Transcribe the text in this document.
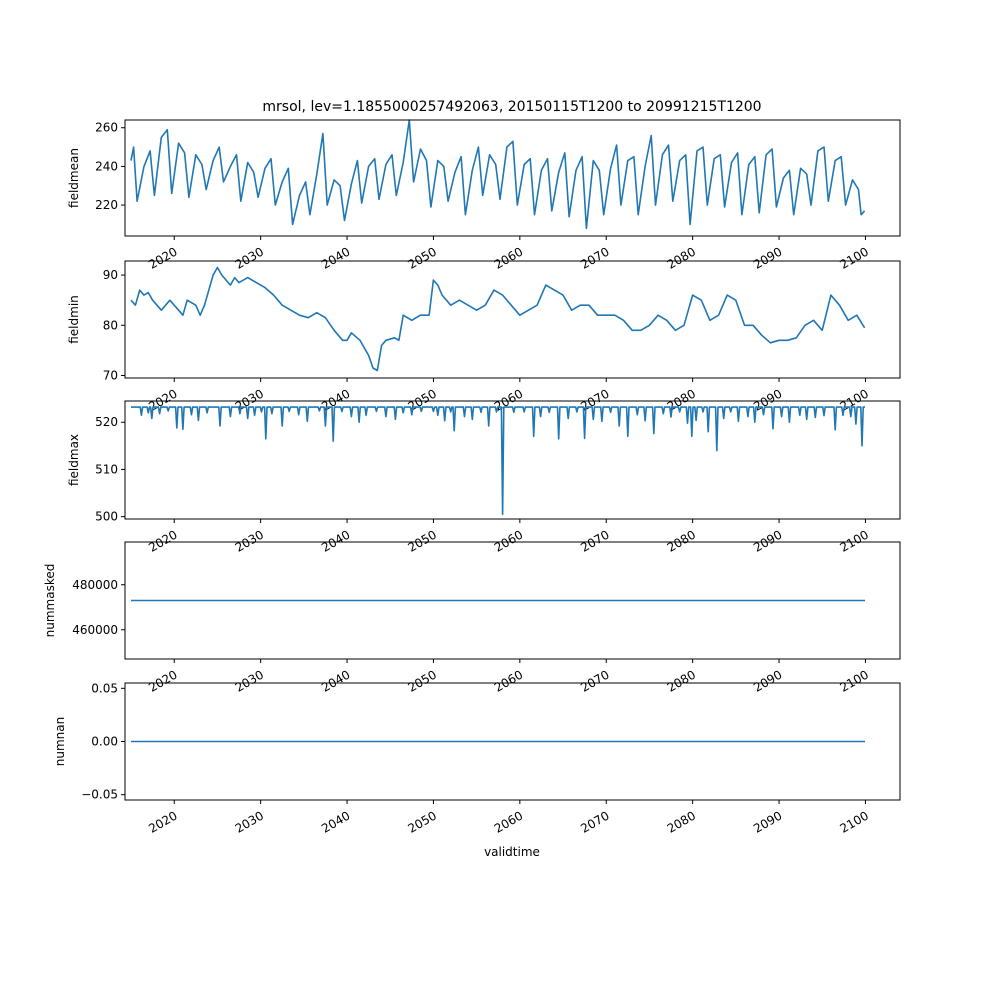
mrsol, lev=1.1855000257492063, 20150115T1200 to 20991215T1200
validtime
220
240
260
fieldmean
2020	2030	2040	2050	2060	2070	2080	2090	2100
70
80
90
fieldmin
2020	2030	2040	2050	2060	2070	2080	2090	2100
500
510
520
fieldmax
2020	2030	2040	2050	2060	2070	2080	2090	2100
460000
480000
nummasked
2020	2030	2040	2050	2060	2070	2080	2090	2100
−0.05
0.00
0.05
numnan
2020	2030	2040	2050	2060	2070	2080	2090	2100
